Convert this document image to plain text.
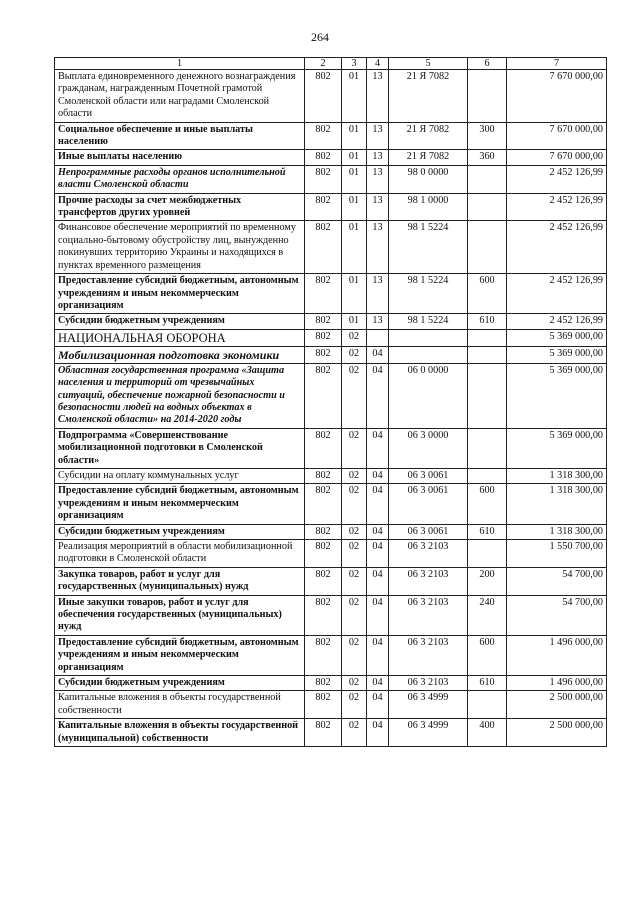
264
1	2	3	4	5	6	7
Выплата единовременного денежного вознаграждения гражданам, награжденным Почетной грамотой Смоленской области или наградами Смоленской области	802	01	13	21 Я 7082		7 670 000,00
Социальное обеспечение и иные выплаты населению	802	01	13	21 Я 7082	300	7 670 000,00
Иные выплаты населению	802	01	13	21 Я 7082	360	7 670 000,00
Непрограммные расходы органов исполнительной власти Смоленской области	802	01	13	98 0 0000		2 452 126,99
Прочие расходы за счет межбюджетных трансфертов других уровней	802	01	13	98 1 0000		2 452 126,99
Финансовое обеспечение мероприятий по временному социально-бытовому обустройству лиц, вынужденно покинувших территорию Украины и находящихся в пунктах временного размещения	802	01	13	98 1 5224		2 452 126,99
Предоставление субсидий бюджетным, автономным учреждениям и иным некоммерческим организациям	802	01	13	98 1 5224	600	2 452 126,99
Субсидии бюджетным учреждениям	802	01	13	98 1 5224	610	2 452 126,99
НАЦИОНАЛЬНАЯ ОБОРОНА	802	02				5 369 000,00
Мобилизационная подготовка экономики	802	02	04			5 369 000,00
Областная государственная программа «Защита населения и территорий от чрезвычайных ситуаций, обеспечение пожарной безопасности и безопасности людей на водных объектах в Смоленской области» на 2014-2020 годы	802	02	04	06 0 0000		5 369 000,00
Подпрограмма «Совершенствование мобилизационной подготовки в Смоленской области»	802	02	04	06 3 0000		5 369 000,00
Субсидии на оплату коммунальных услуг	802	02	04	06 3 0061		1 318 300,00
Предоставление субсидий бюджетным, автономным учреждениям и иным некоммерческим организациям	802	02	04	06 3 0061	600	1 318 300,00
Субсидии бюджетным учреждениям	802	02	04	06 3 0061	610	1 318 300,00
Реализация мероприятий в области мобилизационной подготовки в Смоленской области	802	02	04	06 3 2103		1 550 700,00
Закупка товаров, работ и услуг для государственных (муниципальных) нужд	802	02	04	06 3 2103	200	54 700,00
Иные закупки товаров, работ и услуг для обеспечения государственных (муниципальных) нужд	802	02	04	06 3 2103	240	54 700,00
Предоставление субсидий бюджетным, автономным учреждениям и иным некоммерческим организациям	802	02	04	06 3 2103	600	1 496 000,00
Субсидии бюджетным учреждениям	802	02	04	06 3 2103	610	1 496 000,00
Капитальные вложения в объекты государственной собственности	802	02	04	06 3 4999		2 500 000,00
Капитальные вложения в объекты государственной (муниципальной) собственности	802	02	04	06 3 4999	400	2 500 000,00
